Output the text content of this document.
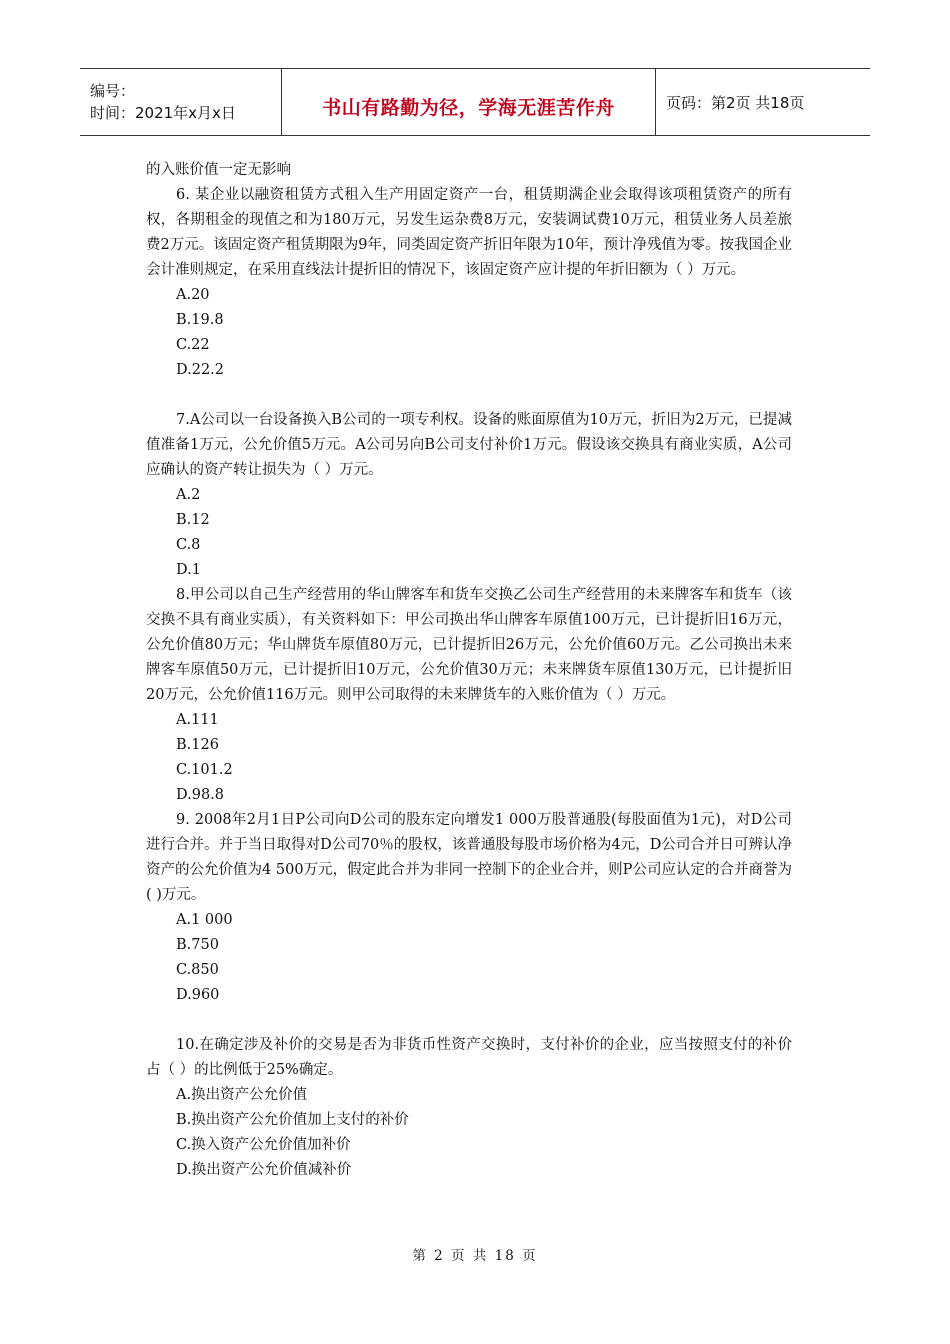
编号：
时间：2021年x月x日	书山有路勤为径，学海无涯苦作舟	页码：第2页 共18页

的入账价值一定无影响

6. 某企业以融资租赁方式租入生产用固定资产一台，租赁期满企业会取得该项租赁资产的所有权，各期租金的现值之和为180万元，另发生运杂费8万元，安装调试费10万元，租赁业务人员差旅费2万元。该固定资产租赁期限为9年，同类固定资产折旧年限为10年，预计净残值为零。按我国企业会计准则规定，在采用直线法计提折旧的情况下，该固定资产应计提的年折旧额为（ ）万元。

A.20

B.19.8

C.22

D.22.2

7.A公司以一台设备换入B公司的一项专利权。设备的账面原值为10万元，折旧为2万元，已提减值准备1万元，公允价值5万元。A公司另向B公司支付补价1万元。假设该交换具有商业实质，A公司应确认的资产转让损失为（ ）万元。

A.2

B.12

C.8

D.1

8.甲公司以自己生产经营用的华山牌客车和货车交换乙公司生产经营用的未来牌客车和货车（该交换不具有商业实质），有关资料如下：甲公司换出华山牌客车原值100万元，已计提折旧16万元，公允价值80万元；华山牌货车原值80万元，已计提折旧26万元，公允价值60万元。乙公司换出未来牌客车原值50万元，已计提折旧10万元，公允价值30万元；未来牌货车原值130万元，已计提折旧20万元，公允价值116万元。则甲公司取得的未来牌货车的入账价值为（ ）万元。

A.111

B.126

C.101.2

D.98.8

9. 2008年2月1日P公司向D公司的股东定向增发1 000万股普通股(每股面值为1元)，对D公司进行合并。并于当日取得对D公司70％的股权，该普通股每股市场价格为4元，D公司合并日可辨认净资产的公允价值为4 500万元，假定此合并为非同一控制下的企业合并，则P公司应认定的合并商誉为( )万元。

A.1 000

B.750

C.850

D.960

10.在确定涉及补价的交易是否为非货币性资产交换时，支付补价的企业，应当按照支付的补价占（ ）的比例低于25%确定。

A.换出资产公允价值

B.换出资产公允价值加上支付的补价

C.换入资产公允价值加补价

D.换出资产公允价值减补价

第 2 页 共 18 页
